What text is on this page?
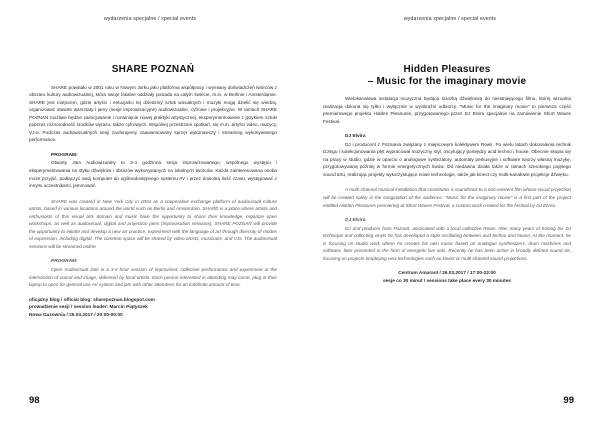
wydarzenia specjalne / special events
SHARE POZNAŃ

SHARE powstało w 2001 roku w Nowym Jorku jako platforma współpracy i wymiany doświadczeń twórców z obszaru kultury audiowizualnej, która swoje lokalne oddziały posiada na całym świecie, m.in. w Berlinie i Amsterdamie. SHARE jest miejscem, gdzie artyści i entuzjaści tej dziedziny sztuk wizualnych i muzyki mogą dzielić się wiedzą, organizować otwarte warsztaty i jamy (sesje improwizacyjne) audiowizualne, cyfrowe i projekcyjne. W ramach SHARE POZNAŃ możliwe będzie zainicjowanie i rozwinięcie nowej praktyki artystycznej, eksperymentowanie z językiem sztuki poprzez różnorodność środków wyrazu, także cyfrowych. Wspólnej przestrzeni spotkań, się m.in. artyści video, muzycy, VJ-e. Podczas audiowizualnych sesji zaoferujemy zaawansowany sprzęt wykonawczy i streaming wykonywanego performance.

PROGRAM:

Otwarty Jam Audiowizualny to 3-4 godzinna sesja improwizowanego, wspólnego występu i eksperymentowania na styku dźwięków i obrazów wykonywanych na lokalnych twórców. Każda zainteresowana osoba może przyjść, podłączyć swój komputer do ogólnodostępnego systemu AV i przez dowolną ilość czasu, występować z innymi uczestnikami, jammować.

SHARE was created in New York City in 2001 as a cooperative exchange platform of audiovisual culture artists, based in various locations around the world such as Berlin and Amsterdam. SHARE is a place where artists and enthusiasts of this visual arts domain and music have the opportunity to share their knowledge, organize open workshops, as well as audiovisual, digital and projection jams (improvisation sessions). SHARE POZNAŃ will provide the opportunity to initiate and develop a new art practice, experiment with the language of art through diversity of modes of expression, including digital. The common space will be shared by video artists, musicians, and VJs. The audiovisual sessions will be streamed online.

PROGRAM:

Open Audiovisual Jam is a 3-4 hour session of improvised, collective performance and experiment at the intersection of sound and image, delivered by local artists. Each person interested in attending may come, plug in their laptop to open for general use AV system and jam with other attendees for an indefinite amount of time.

oficjalny blog / official blog: sharepoznan.blogspot.com

prowadzenie sesji / session leader: Marcin Piątyszek

Nowa Gazownia / 25.03.2017 / 20:00-00:00

98
wydarzenia specjalne / special events
Hidden Pleasures
– Music for the imaginary movie

Wielokanałowa instalacja muzyczna będąca ścieżką dźwiękową do nieistniejącego filmu, której wizualna realizacja dokona się tylko i wyłącznie w wyobraźni odbiorcy. "Music for the imaginary movie" to pierwsza część premierowego projektu Hidden Pleasures, przygotowanego przez DJ Elvira specjalnie na zamówienie Short Waves Festival.

DJ Elvira

DJ i producent z Poznania związany z miejscowym kolektywem Rewir. Po wielu latach dokonalenia technik DJingu i kolekcjonowania płyt wypracował muzyczny styl, oscylujący pomiędzy acid techno i house. Obecnie skupia się na pracy w studio, gdzie w oparciu o analogowe syntezatory, automaty perkusyjne i software tworzy własną muzykę, przygotowywaną później w formie energetycznych liwów. Od niedawna działa także w ramach szerokiego pojętego sound artu, realizując projekty wykorzystujące nowe technologie, także jak kinect czy multi-kanałowe projekcje dźwięku.

A multi-channel musical installation that constitutes a soundtrack to a non-existent film whose visual projection will be created solely in the imagination of the audience. "Music for the imaginary movie" is a first part of the project entitled Hidden Pleasures premiering at Short Waves Festival, a custom work created for the festival by DJ Elvira.

DJ Elvira

DJ and producer from Poznań, associated with a local collective Rewir. After many years of honing his DJ technique and collecting vinyls he has developed a style oscillating between acid techno and house. At the moment, he is focusing on studio work where he creates his own music based on analogue synthesizers, drum machines and software, later presented in the form of energetic live sets. Recently he has been active in broadly defined sound art, focusing on projects employing new technologies such as kinect or multi-channel sound projections.

Centrum Amarant / 26.03.2017 / 17:00-22:00

sesje co 30 minut / sessions take place every 30 minutes

99
